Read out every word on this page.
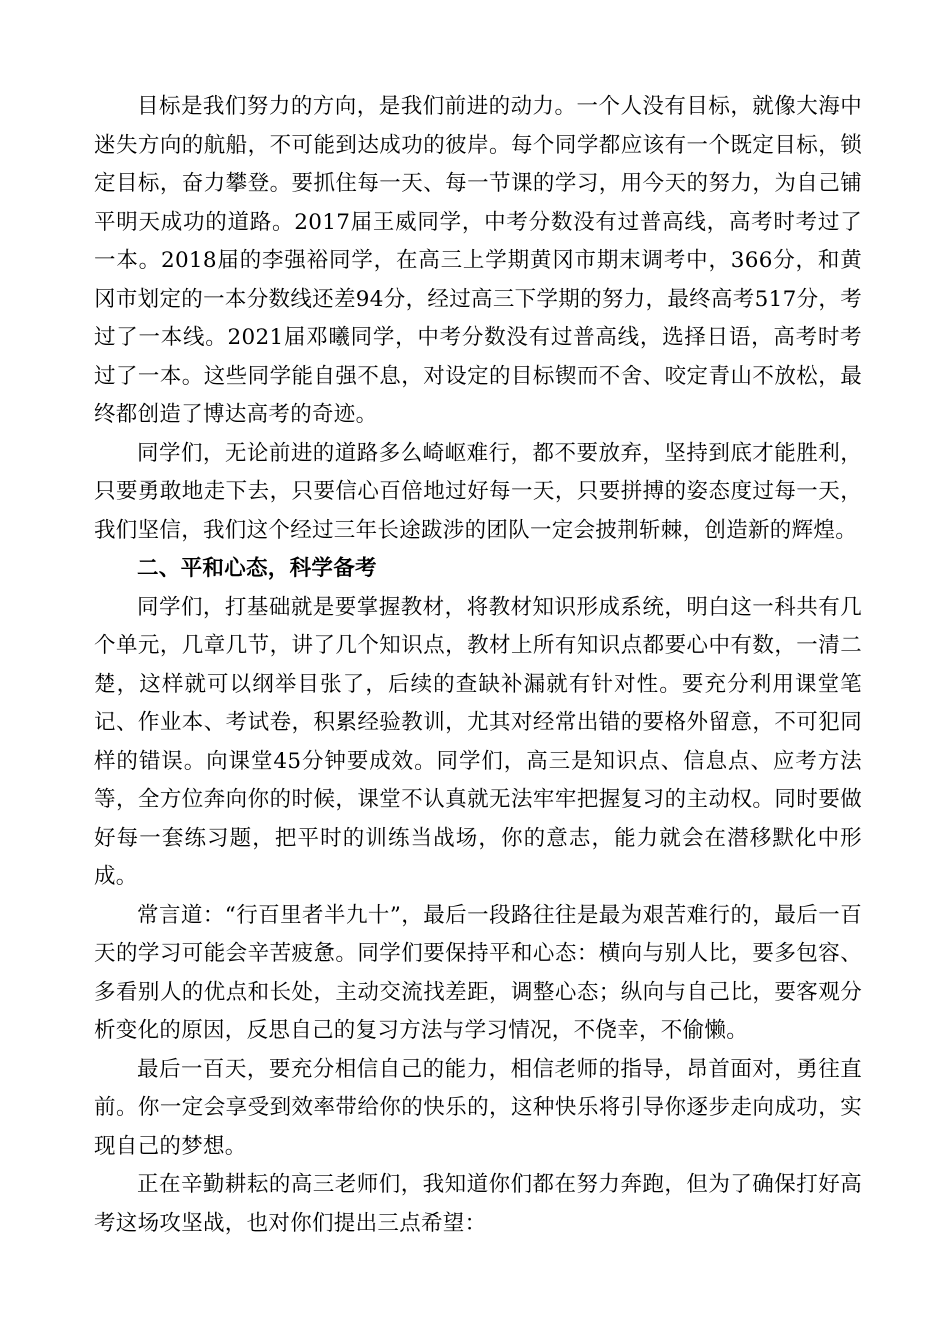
目标是我们努力的方向，是我们前进的动力。一个人没有目标，就像大海中迷失方向的航船，不可能到达成功的彼岸。每个同学都应该有一个既定目标，锁定目标，奋力攀登。要抓住每一天、每一节课的学习，用今天的努力，为自己铺平明天成功的道路。2017届王威同学，中考分数没有过普高线，高考时考过了一本。2018届的李强裕同学，在高三上学期黄冈市期末调考中，366分，和黄冈市划定的一本分数线还差94分，经过高三下学期的努力，最终高考517分，考过了一本线。2021届邓曦同学，中考分数没有过普高线，选择日语，高考时考过了一本。这些同学能自强不息，对设定的目标锲而不舍、咬定青山不放松，最终都创造了博达高考的奇迹。

同学们，无论前进的道路多么崎岖难行，都不要放弃，坚持到底才能胜利，只要勇敢地走下去，只要信心百倍地过好每一天，只要拼搏的姿态度过每一天，我们坚信，我们这个经过三年长途跋涉的团队一定会披荆斩棘，创造新的辉煌。

二、平和心态，科学备考

同学们，打基础就是要掌握教材，将教材知识形成系统，明白这一科共有几个单元，几章几节，讲了几个知识点，教材上所有知识点都要心中有数，一清二楚，这样就可以纲举目张了，后续的查缺补漏就有针对性。要充分利用课堂笔记、作业本、考试卷，积累经验教训，尤其对经常出错的要格外留意，不可犯同样的错误。向课堂45分钟要成效。同学们，高三是知识点、信息点、应考方法等，全方位奔向你的时候，课堂不认真就无法牢牢把握复习的主动权。同时要做好每一套练习题，把平时的训练当战场，你的意志，能力就会在潜移默化中形成。

常言道：“行百里者半九十”，最后一段路往往是最为艰苦难行的，最后一百天的学习可能会辛苦疲惫。同学们要保持平和心态：横向与别人比，要多包容、多看别人的优点和长处，主动交流找差距，调整心态；纵向与自己比，要客观分析变化的原因，反思自己的复习方法与学习情况，不侥幸，不偷懒。

最后一百天，要充分相信自己的能力，相信老师的指导，昂首面对，勇往直前。你一定会享受到效率带给你的快乐的，这种快乐将引导你逐步走向成功，实现自己的梦想。

正在辛勤耕耘的高三老师们，我知道你们都在努力奔跑，但为了确保打好高考这场攻坚战，也对你们提出三点希望：
